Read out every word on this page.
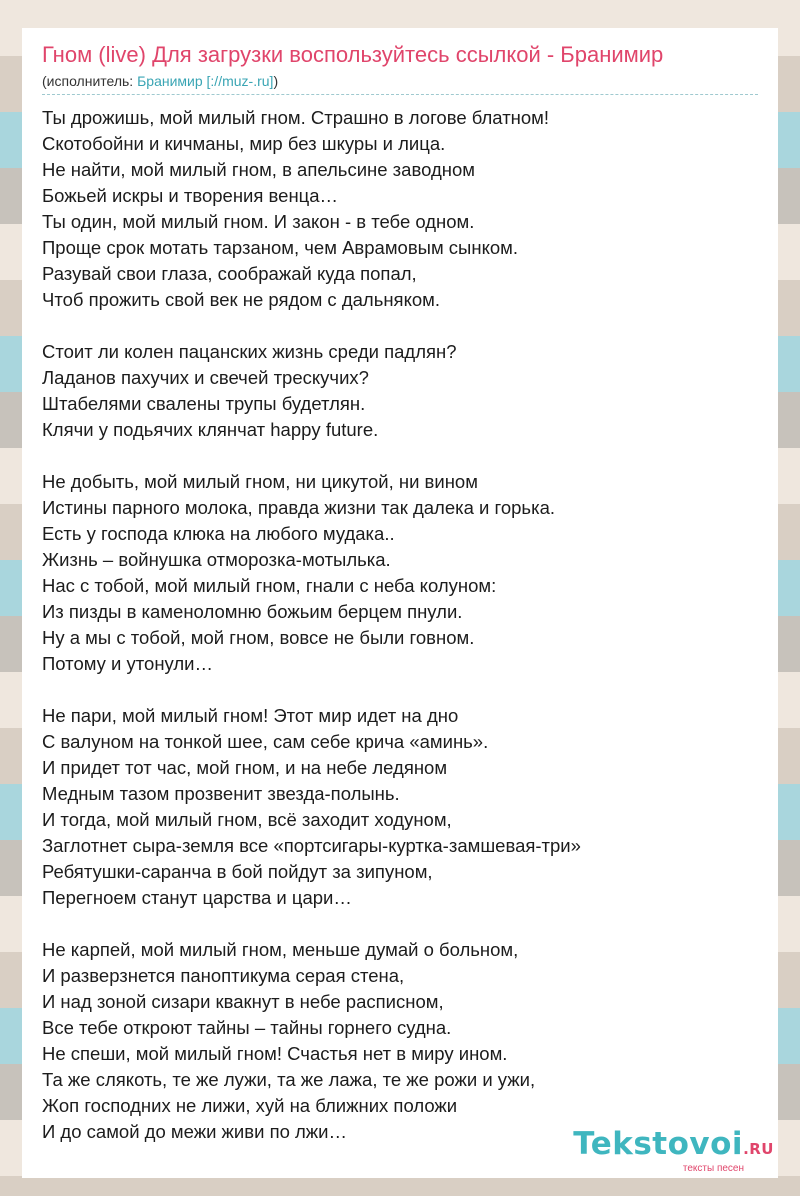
Гном (live) Для загрузки воспользуйтесь ссылкой - Бранимир
(исполнитель: Бранимир [://muz-.ru])
Ты дрожишь, мой милый гном. Страшно в логове блатном!
Скотобойни и кичманы, мир без шкуры и лица.
Не найти, мой милый гном, в апельсине заводном
Божьей искры и творения венца…
Ты один, мой милый гном. И закон - в тебе одном.
Проще срок мотать тарзаном, чем Аврамовым сынком.
Разувай свои глаза, соображай куда попал,
Чтоб прожить свой век не рядом с дальняком.
Стоит ли колен пацанских жизнь среди падлян?
Ладанов пахучих и свечей трескучих?
Штабелями свалены трупы будетлян.
Клячи у подьячих клянчат happy future.
Не добыть, мой милый гном, ни цикутой, ни вином
Истины парного молока, правда жизни так далека и горька.
Есть у господа клюка на любого мудака..
Жизнь – войнушка отморозка-мотылька.
Нас с тобой, мой милый гном, гнали с неба колуном:
Из пизды в каменоломню божьим берцем пнули.
Ну а мы с тобой, мой гном, вовсе не были говном.
Потому и утонули…
Не пари, мой милый гном! Этот мир идет на дно
С валуном на тонкой шее, сам себе крича «аминь».
И придет тот час, мой гном, и на небе ледяном
Медным тазом прозвенит звезда-полынь.
И тогда, мой милый гном, всё заходит ходуном,
Заглотнет сыра-земля все «портсигары-куртка-замшевая-три»
Ребятушки-саранча в бой пойдут за зипуном,
Перегноем станут царства и цари…
Не карпей, мой милый гном, меньше думай о больном,
И разверзнется паноптикума серая стена,
И над зоной сизари квакнут в небе расписном,
Все тебе откроют тайны – тайны горнего судна.
Не спеши, мой милый гном! Счастья нет в миру ином.
Та же слякоть, те же лужи, та же лажа, те же рожи и ужи,
Жоп господних не лижи, хуй на ближних положи
И до самой до межи живи по лжи…	Tekstovoi.RU
тексты песен
